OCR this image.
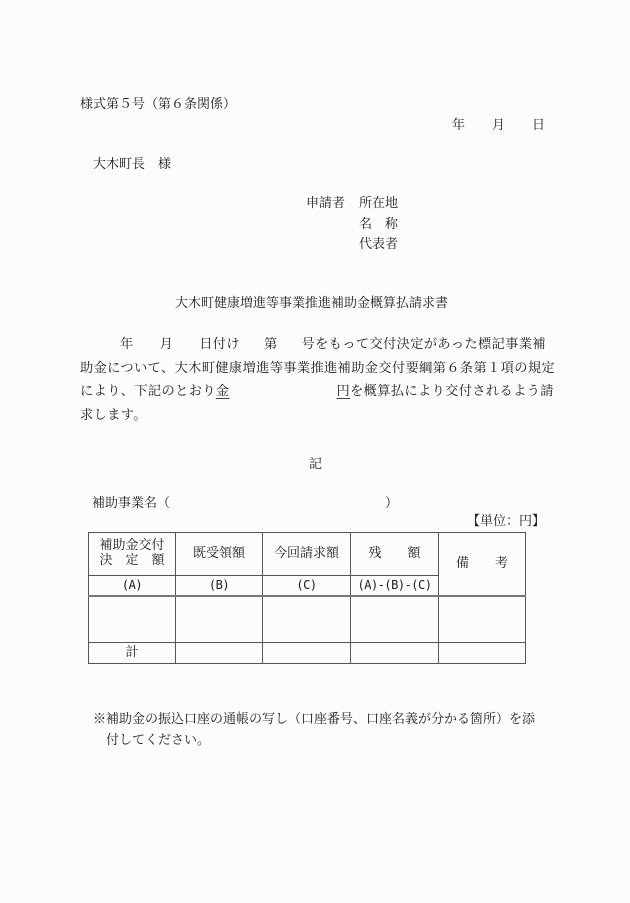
様式第５号（第６条関係）
年 月 日
大木町長　様
申請者 所在地
名　称
代表者
大木町健康増進等事業推進補助金概算払請求書
年 月 日付け 第 号をもって交付決定があった標記事業補
助金について、大木町健康増進等事業推進補助金交付要綱第６条第１項の規定
により、下記のとおり金	円を概算払により交付されるよう請
求します。
記
補助事業名（	）
【単位：円】
補助金交付
決　定　額	既受領額	今回請求額	残　　額	備　　考
(A)	(B)	(C)	(A)-(B)-(C)	

計				
※補助金の振込口座の通帳の写し（口座番号、口座名義が分かる箇所）を添
付してください。
